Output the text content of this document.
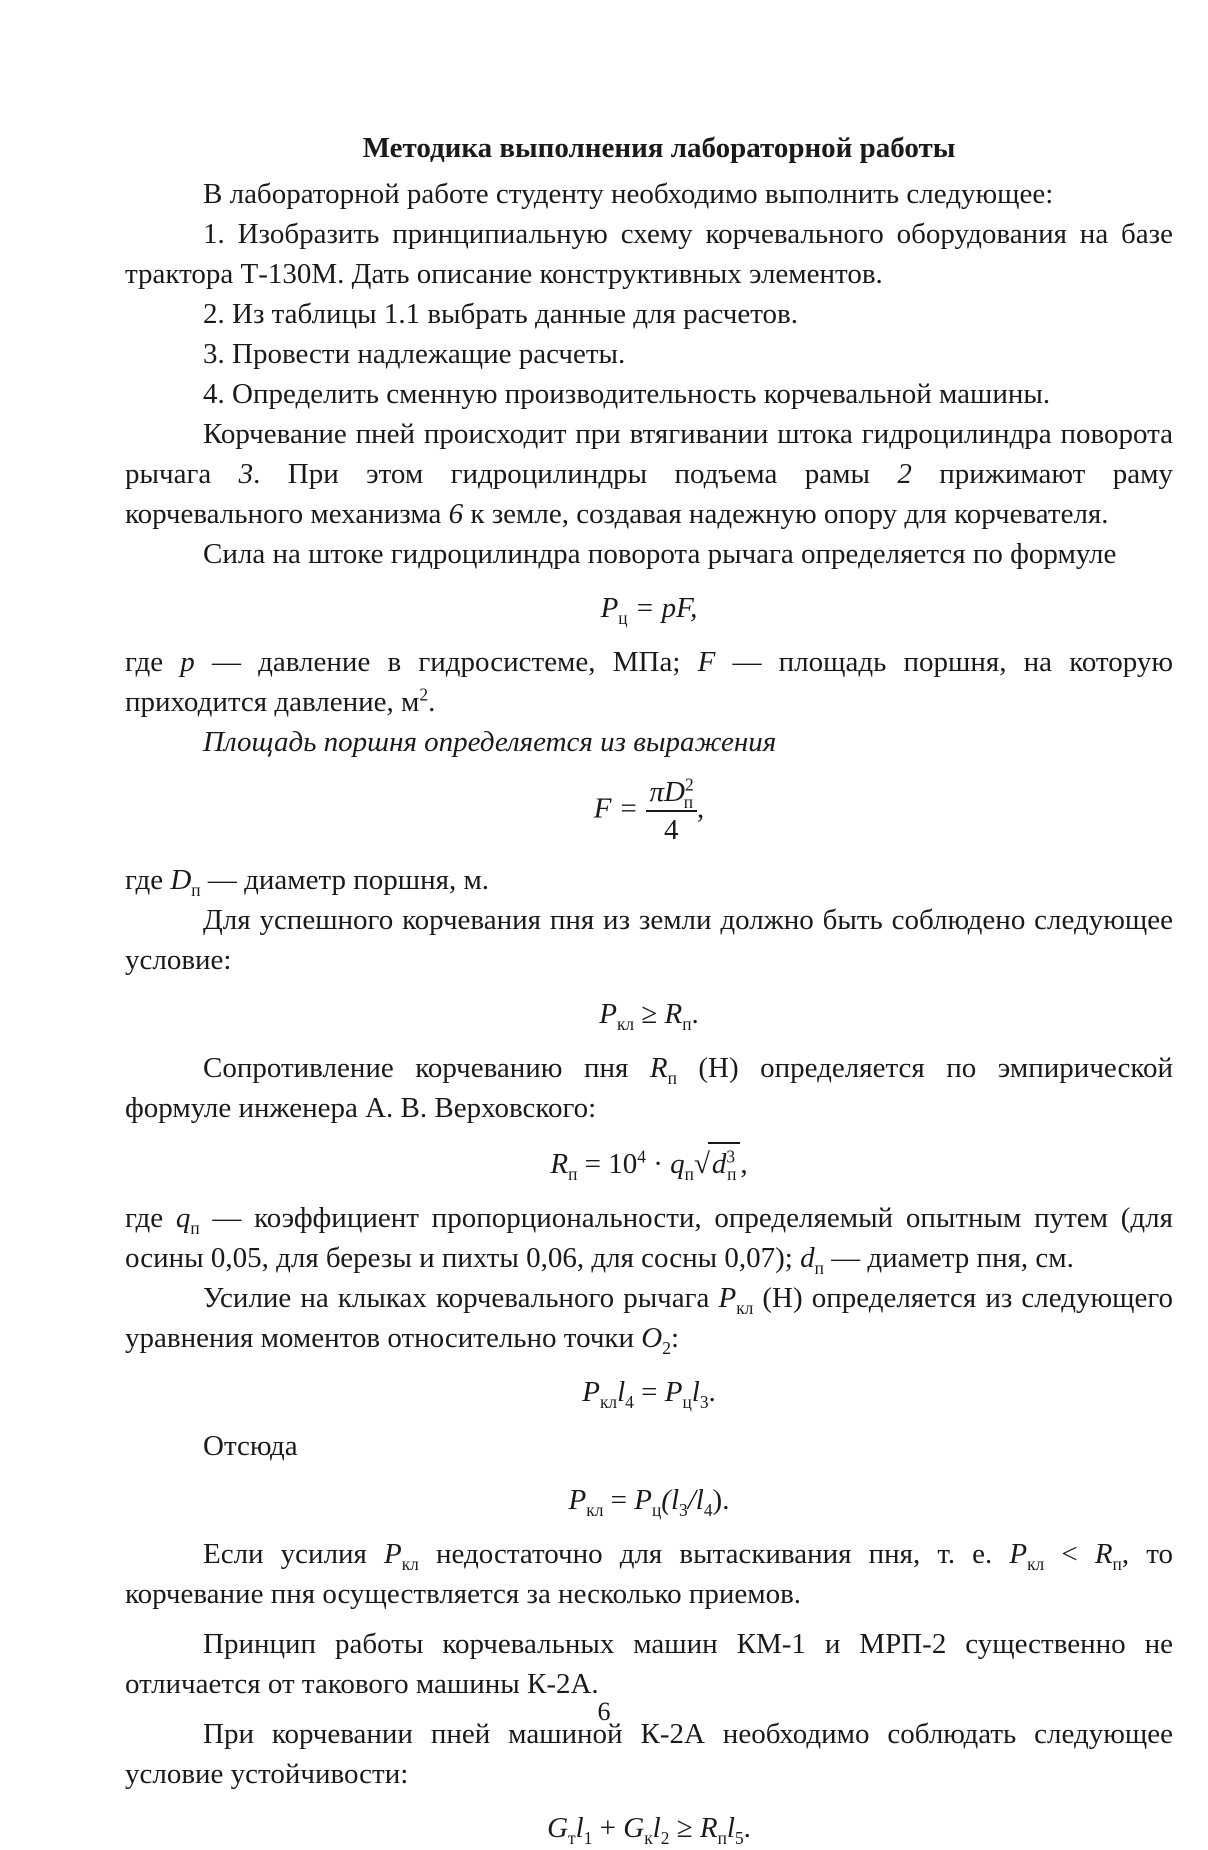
Методика выполнения лабораторной работы

В лабораторной работе студенту необходимо выполнить следующее:

1. Изобразить принципиальную схему корчевального оборудования на базе трактора Т-130М. Дать описание конструктивных элементов.

2. Из таблицы 1.1 выбрать данные для расчетов.

3. Провести надлежащие расчеты.

4. Определить сменную производительность корчевальной машины.

Корчевание пней происходит при втягивании штока гидроцилиндра поворота рычага 3. При этом гидроцилиндры подъема рамы 2 прижимают раму корчевального механизма 6 к земле, создавая надежную опору для корчевателя.

Сила на штоке гидроцилиндра поворота рычага определяется по формуле

$P_ц$ = pF,

где p — давление в гидросистеме, МПа; F — площадь поршня, на которую приходится давление, $м^2$.

Площадь поршня определяется из выражения

$F = \frac{\pi D^2_п}{4}$ ,

где $D_п$ — диаметр поршня, м.

Для успешного корчевания пня из земли должно быть соблюдено следующее условие:

$P_{кл} \ge R_п$.

Сопротивление корчеванию пня $R_п$ (Н) определяется по эмпирической формуле инженера А. В. Верховского:

$R_п = 10^4 \cdot q_п√d^3_п$ ,

где $q_п$ — коэффициент пропорциональности, определяемый опытным путем (для осины 0,05, для березы и пихты 0,06, для сосны 0,07); $d_п$ — диаметр пня, см.

Усилие на клыках корчевального рычага $P_{кл}$ (Н) определяется из следующего уравнения моментов относительно точки $O_2$:

$P_{кл}l_4 = P_цl_3$.

Отсюда

$P_{кл} = P_ц(l_3/l_4)$.

Если усилия $P_{кл}$ недостаточно для вытаскивания пня, т. е. $P_{кл} < R_п$, то корчевание пня осуществляется за несколько приемов.

Принцип работы корчевальных машин КМ-1 и МРП-2 существенно не отличается от такового машины К-2А.

При корчевании пней машиной К-2А необходимо соблюдать следующее условие устойчивости:

$G_тl_1 + G_кl_2 \ge R_пl_5$.
6
